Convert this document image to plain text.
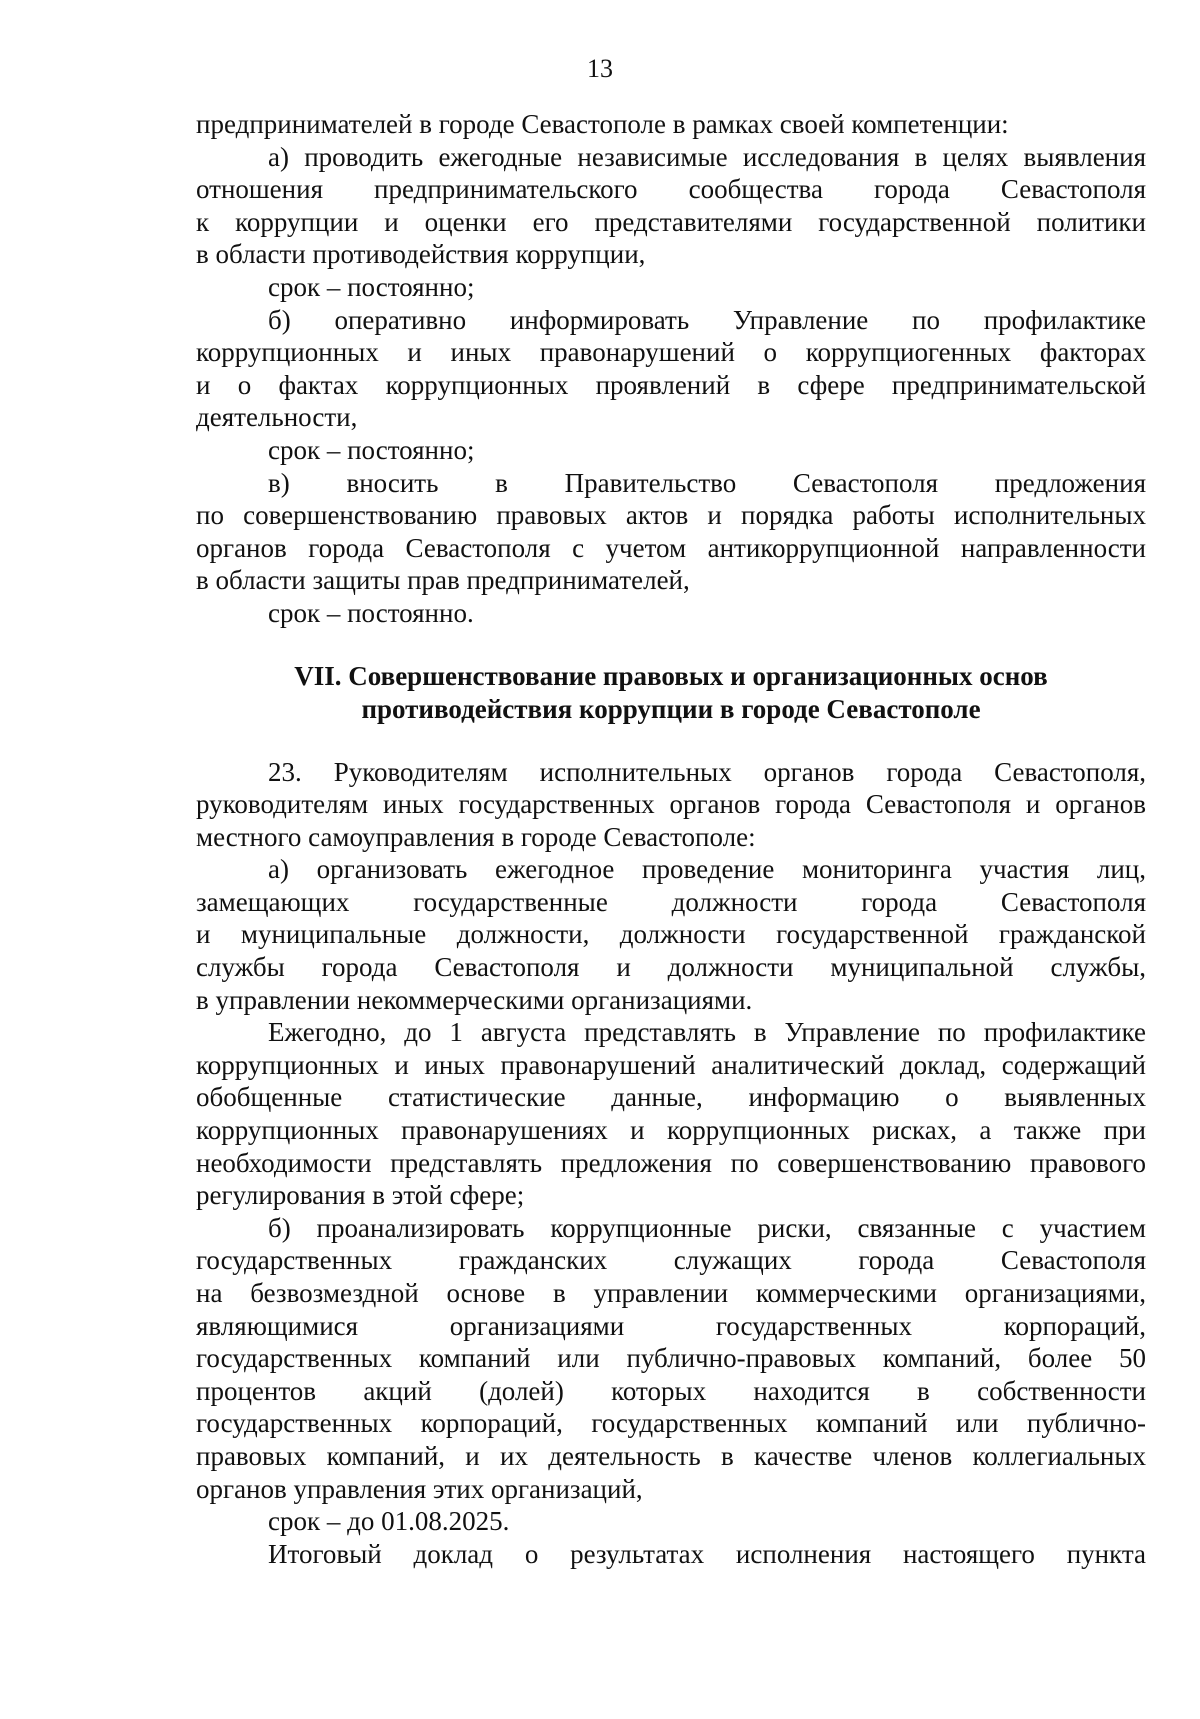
13
предпринимателей в городе Севастополе в рамках своей компетенции:
а) проводить ежегодные независимые исследования в целях выявления
отношения предпринимательского сообщества города Севастополя
к коррупции и оценки его представителями государственной политики
в области противодействия коррупции,
срок – постоянно;
б) оперативно информировать Управление по профилактике
коррупционных и иных правонарушений о коррупциогенных факторах
и о фактах коррупционных проявлений в сфере предпринимательской
деятельности,
срок – постоянно;
в) вносить в Правительство Севастополя предложения
по совершенствованию правовых актов и порядка работы исполнительных
органов города Севастополя с учетом антикоррупционной направленности
в области защиты прав предпринимателей,
срок – постоянно.
VII. Совершенствование правовых и организационных основ
противодействия коррупции в городе Севастополе
23. Руководителям исполнительных органов города Севастополя,
руководителям иных государственных органов города Севастополя и органов
местного самоуправления в городе Севастополе:
а) организовать ежегодное проведение мониторинга участия лиц,
замещающих государственные должности города Севастополя
и муниципальные должности, должности государственной гражданской
службы города Севастополя и должности муниципальной службы,
в управлении некоммерческими организациями.
Ежегодно, до 1 августа представлять в Управление по профилактике
коррупционных и иных правонарушений аналитический доклад, содержащий
обобщенные статистические данные, информацию о выявленных
коррупционных правонарушениях и коррупционных рисках, а также при
необходимости представлять предложения по совершенствованию правового
регулирования в этой сфере;
б) проанализировать коррупционные риски, связанные с участием
государственных гражданских служащих города Севастополя
на безвозмездной основе в управлении коммерческими организациями,
являющимися организациями государственных корпораций,
государственных компаний или публично-правовых компаний, более 50
процентов акций (долей) которых находится в собственности
государственных корпораций, государственных компаний или публично-
правовых компаний, и их деятельность в качестве членов коллегиальных
органов управления этих организаций,
срок – до 01.08.2025.
Итоговый доклад о результатах исполнения настоящего пункта
